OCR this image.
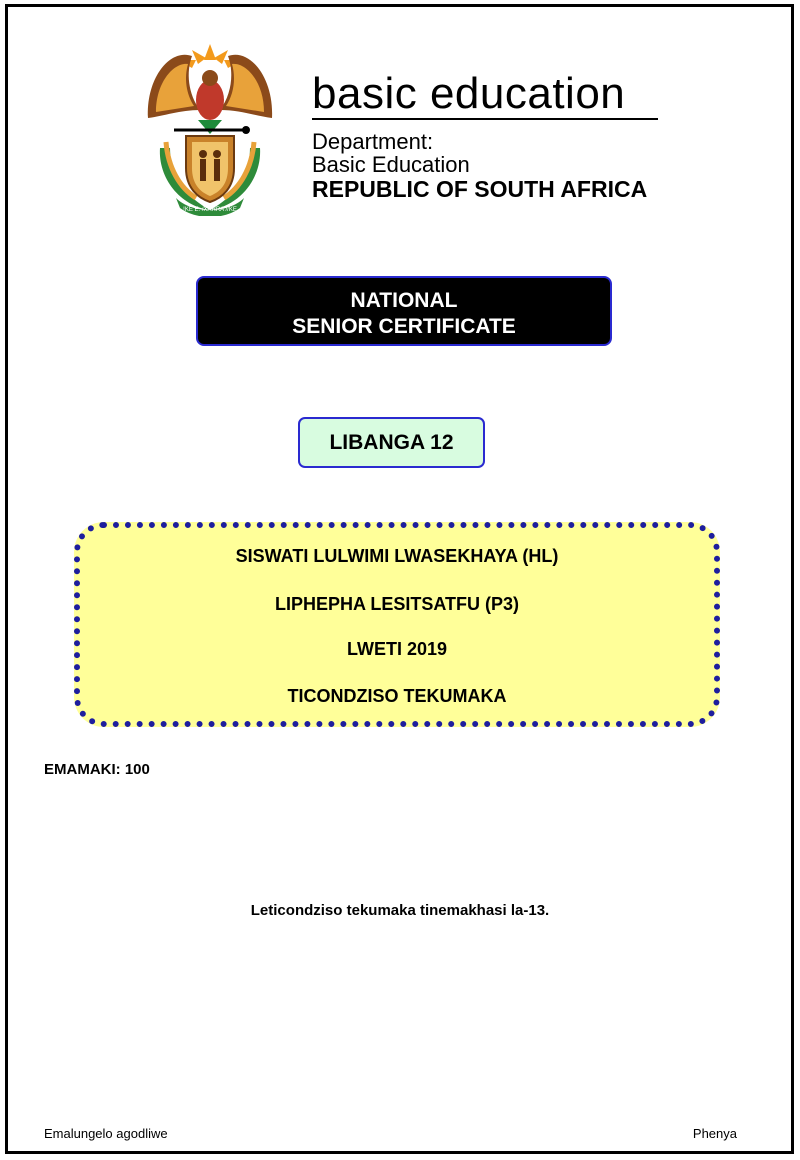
!KE E: /XARRA //KE
basic education
Department:
Basic Education
REPUBLIC OF SOUTH AFRICA
NATIONAL
SENIOR CERTIFICATE
LIBANGA 12
SISWATI LULWIMI LWASEKHAYA (HL)
LIPHEPHA LESITSATFU (P3)
LWETI 2019
TICONDZISO TEKUMAKA
EMAMAKI: 100
Leticondziso tekumaka tinemakhasi la-13.
Emalungelo agodliwe	Phenya
